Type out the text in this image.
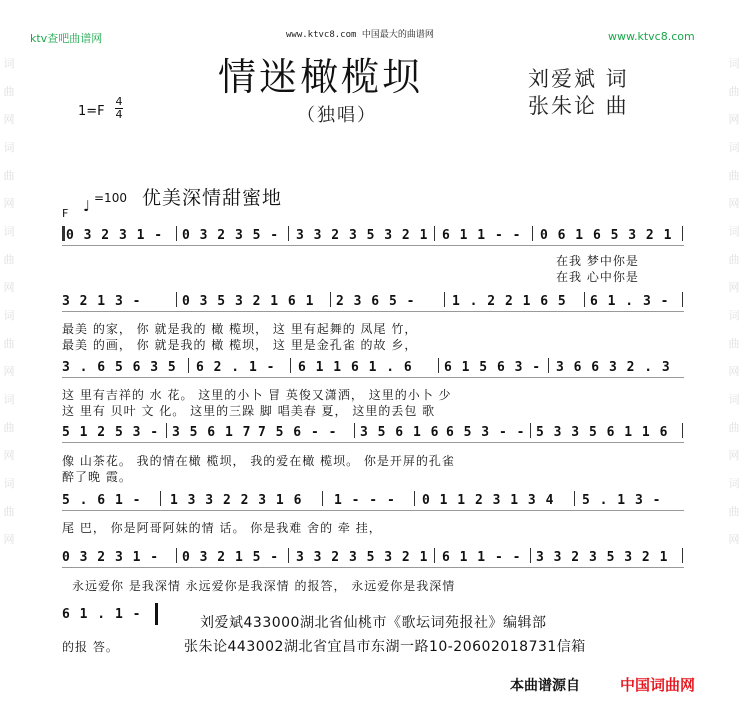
词曲网词曲网词曲网词曲网词曲网词曲网
词曲网词曲网词曲网词曲网词曲网词曲网
ktv查吧曲谱网	www.ktvc8.com 中国最大的曲谱网	www.ktvc8.com
情迷橄榄坝
（独唱）
刘爱斌 词
张朱论 曲
1=F
4
4
♩ =100
F
优美深情甜蜜地
0 3 2 3 1 - 0 3 2 3 5 - 3 3 2 3 5 3 2 1 6 1 1 - - 0 6 1 6 5 3 2 1
在我 梦中你是
在我 心中你是
3 2 1 3 -	0 3 5 3 2 1 6 1 2 3 6 5 -	1 . 2 2 1 6 5 6 1 . 3 -
最美 的家， 你 就是我的 橄 榄坝， 这 里有起舞的 凤尾 竹，
最美 的画， 你 就是我的 橄 榄坝， 这 里是金孔雀 的故 乡，
3 . 6 5 6 3 5 6 2 . 1 - 6 1 1 6 1 . 6 6 1 5 6 3 - 3 6 6 3 2 . 3
这 里有吉祥的 水 花。 这里的小卜 冒 英俊又潇洒， 这里的小卜 少
这 里有 贝叶 文 化。 这里的三跺 脚 唱美春 夏， 这里的丢包 歌
5 1 2 5 3 - 3 5 6 1 7 7 5 6 - - 3 5 6 1 6 6 5 3 - - 5 3 3 5 6 1 1 6
像 山茶花。 我的情在橄 榄坝， 我的爱在橄 榄坝。 你是开屏的孔雀
醉了晚 霞。
5 . 6 1 - 1 3 3 2 2 3 1 6 1 - - - 0 1 1 2 3 1 3 4 5 . 1 3 -
尾 巴， 你是阿哥阿妹的情 话。 你是我难 舍的 牵 挂，
0 3 2 3 1 - 0 3 2 1 5 - 3 3 2 3 5 3 2 1 6 1 1 - - 3 3 2 3 5 3 2 1
永远爱你 是我深情 永远爱你是我深情 的报答， 永远爱你是我深情
6 1 . 1 -
的报 答。
刘爱斌433000湖北省仙桃市《歌坛词苑报社》编辑部
张朱论443002湖北省宜昌市东湖一路10-20602018731信箱
本曲谱源自	中国词曲网
